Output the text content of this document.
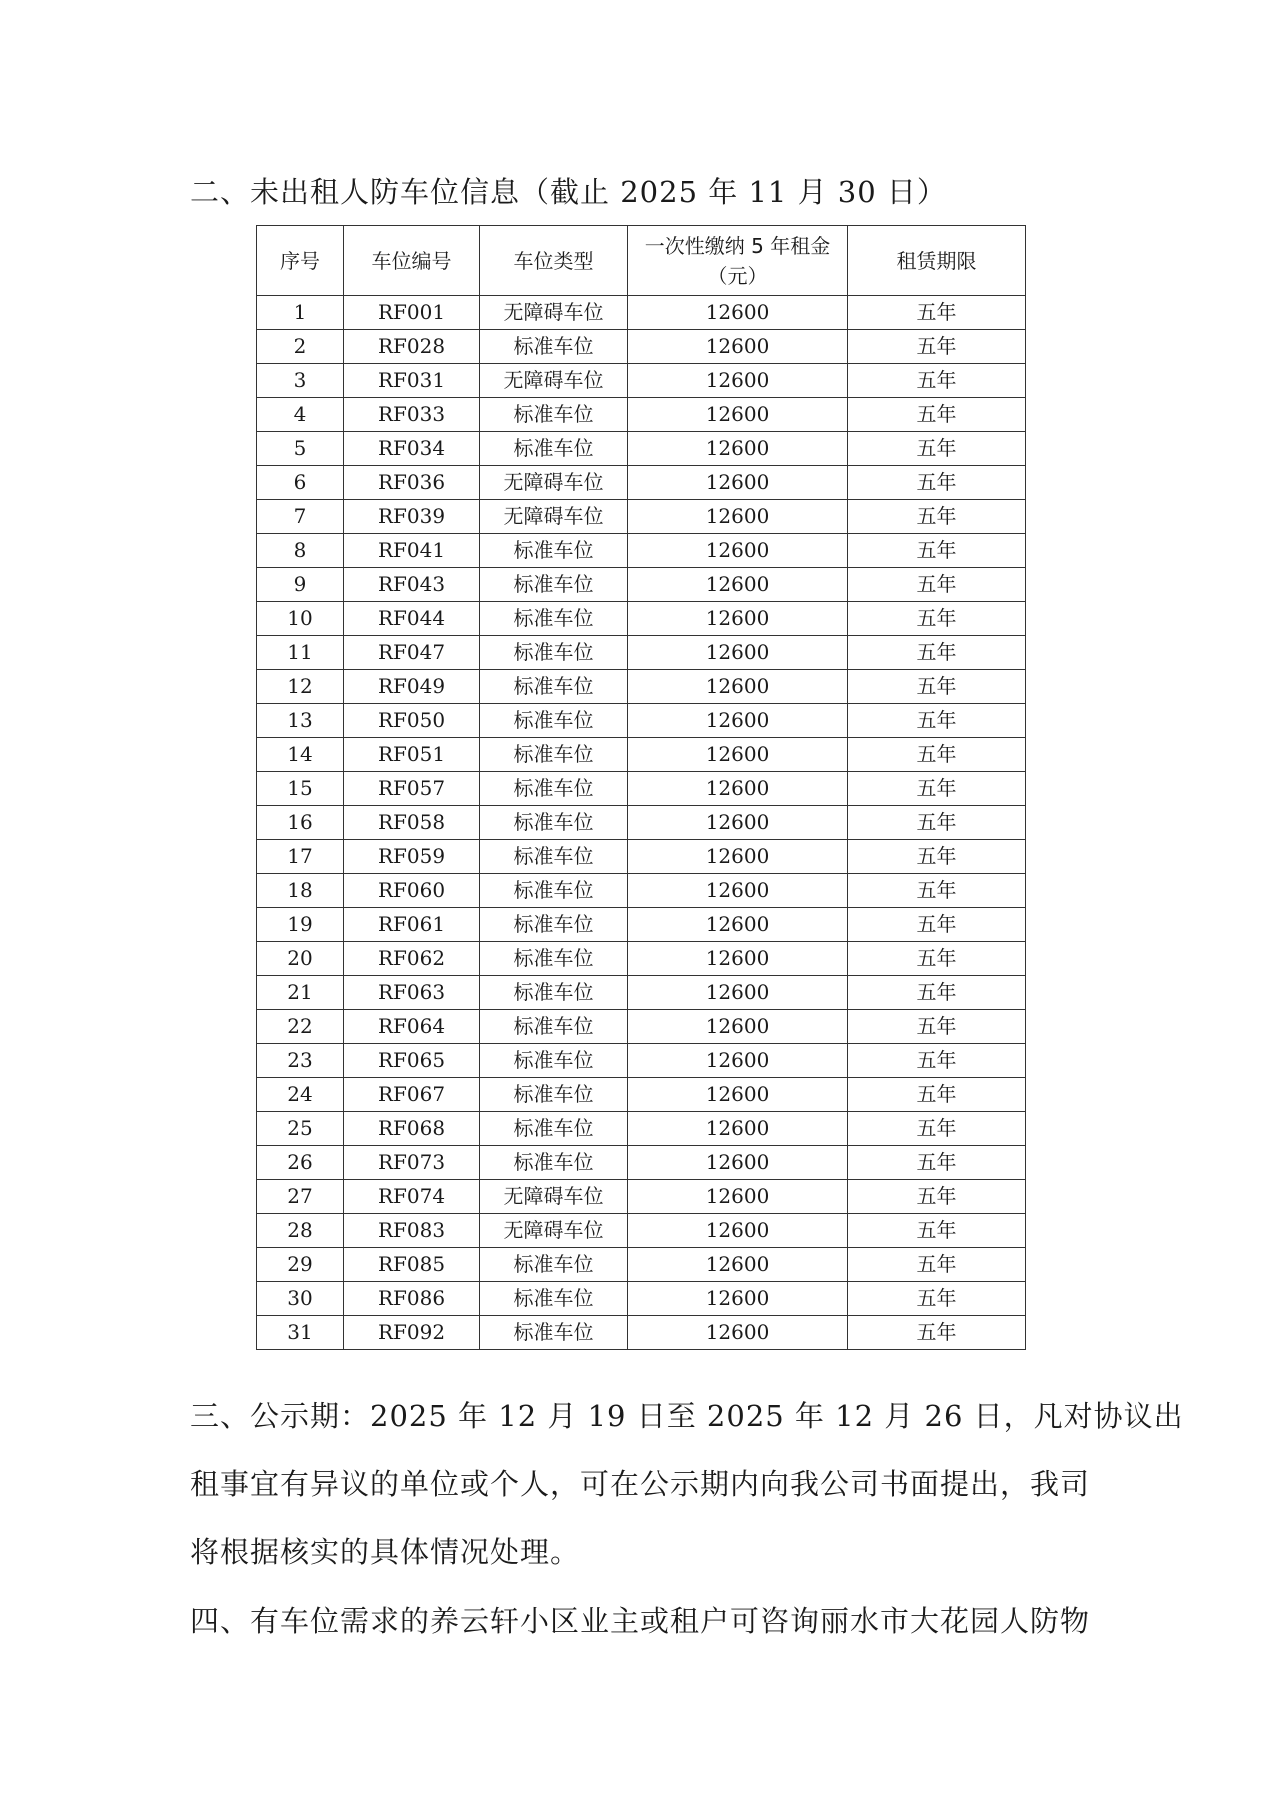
二、未出租人防车位信息（截止 2025 年 11 月 30 日）
序号	车位编号	车位类型	一次性缴纳 5 年租金（元）	租赁期限
1	RF001	无障碍车位	12600	五年
2	RF028	标准车位	12600	五年
3	RF031	无障碍车位	12600	五年
4	RF033	标准车位	12600	五年
5	RF034	标准车位	12600	五年
6	RF036	无障碍车位	12600	五年
7	RF039	无障碍车位	12600	五年
8	RF041	标准车位	12600	五年
9	RF043	标准车位	12600	五年
10	RF044	标准车位	12600	五年
11	RF047	标准车位	12600	五年
12	RF049	标准车位	12600	五年
13	RF050	标准车位	12600	五年
14	RF051	标准车位	12600	五年
15	RF057	标准车位	12600	五年
16	RF058	标准车位	12600	五年
17	RF059	标准车位	12600	五年
18	RF060	标准车位	12600	五年
19	RF061	标准车位	12600	五年
20	RF062	标准车位	12600	五年
21	RF063	标准车位	12600	五年
22	RF064	标准车位	12600	五年
23	RF065	标准车位	12600	五年
24	RF067	标准车位	12600	五年
25	RF068	标准车位	12600	五年
26	RF073	标准车位	12600	五年
27	RF074	无障碍车位	12600	五年
28	RF083	无障碍车位	12600	五年
29	RF085	标准车位	12600	五年
30	RF086	标准车位	12600	五年
31	RF092	标准车位	12600	五年
三、公示期：2025 年 12 月 19 日至 2025 年 12 月 26 日，凡对协议出
租事宜有异议的单位或个人，可在公示期内向我公司书面提出，我司
将根据核实的具体情况处理。
四、有车位需求的养云轩小区业主或租户可咨询丽水市大花园人防物
